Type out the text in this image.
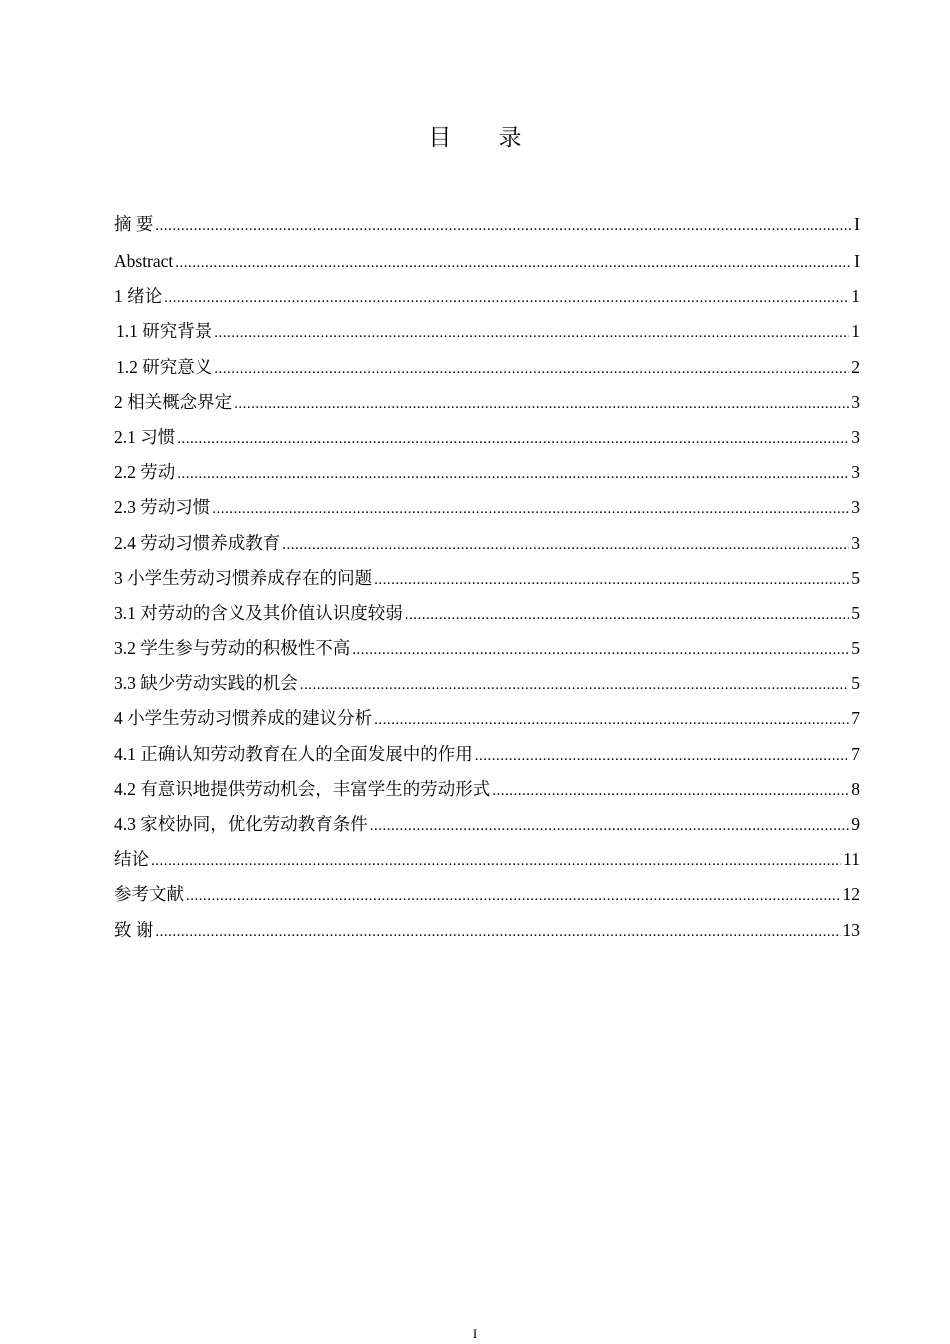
目 录
摘 要 .....	I
Abstract .....	I
1 绪论 .....	1
1.1 研究背景 .....	1
1.2 研究意义 .....	2
2 相关概念界定 .....	3
2.1 习惯 .....	3
2.2 劳动 .....	3
2.3 劳动习惯 .....	3
2.4 劳动习惯养成教育 .....	3
3 小学生劳动习惯养成存在的问题 .....	5
3.1 对劳动的含义及其价值认识度较弱 .....	5
3.2 学生参与劳动的积极性不高 .....	5
3.3 缺少劳动实践的机会 .....	5
4 小学生劳动习惯养成的建议分析 .....	7
4.1 正确认知劳动教育在人的全面发展中的作用 .....	7
4.2 有意识地提供劳动机会，丰富学生的劳动形式 .....	8
4.3 家校协同，优化劳动教育条件 .....	9
结论 .....	11
参考文献 .....	12
致 谢 .....	13
I
